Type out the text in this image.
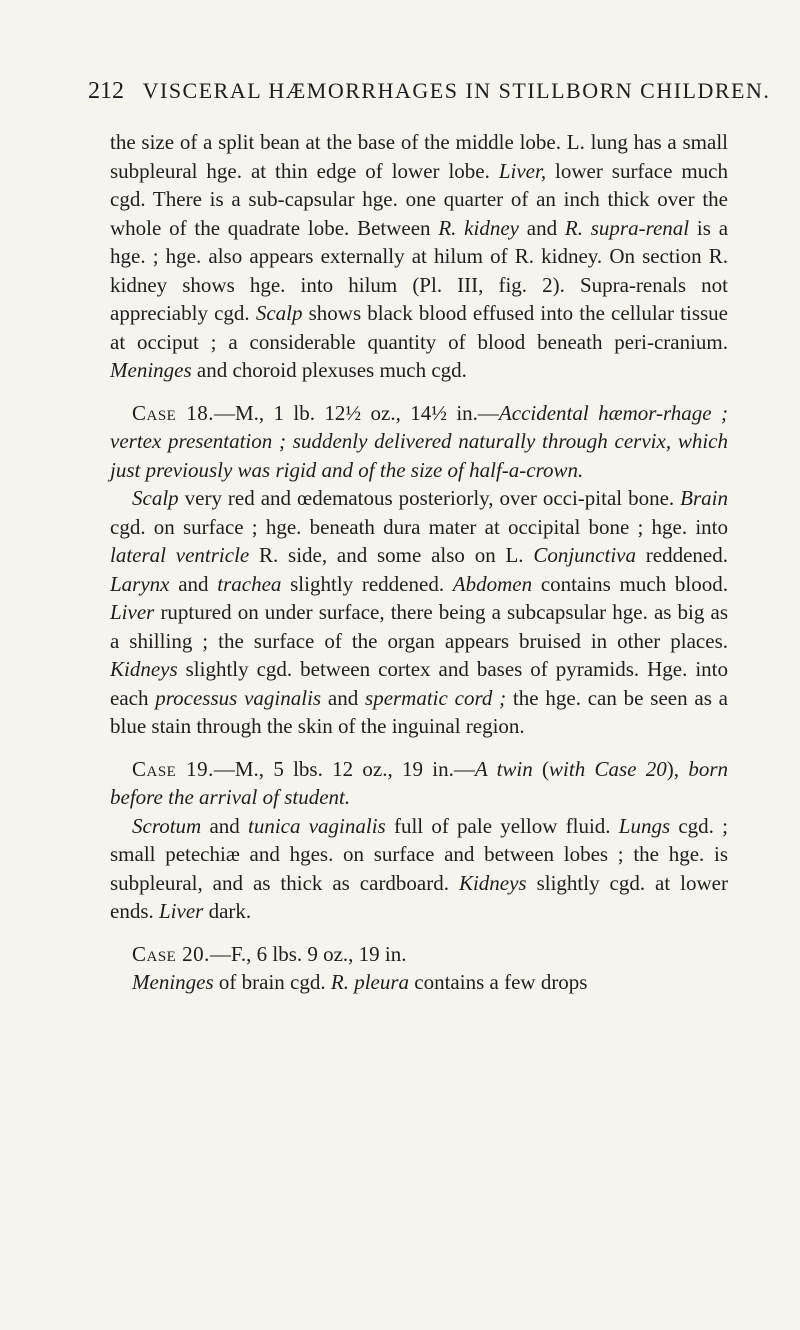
212 VISCERAL HÆMORRHAGES IN STILLBORN CHILDREN.

the size of a split bean at the base of the middle lobe. L. lung has a small subpleural hge. at thin edge of lower lobe. Liver, lower surface much cgd. There is a sub-capsular hge. one quarter of an inch thick over the whole of the quadrate lobe. Between R. kidney and R. supra-renal is a hge. ; hge. also appears externally at hilum of R. kidney. On section R. kidney shows hge. into hilum (Pl. III, fig. 2). Supra-renals not appreciably cgd. Scalp shows black blood effused into the cellular tissue at occiput ; a considerable quantity of blood beneath peri-cranium. Meninges and choroid plexuses much cgd.

Case 18.—M., 1 lb. 12½ oz., 14½ in.—Accidental hæmor-rhage ; vertex presentation ; suddenly delivered naturally through cervix, which just previously was rigid and of the size of half-a-crown.

Scalp very red and œdematous posteriorly, over occi-pital bone. Brain cgd. on surface ; hge. beneath dura mater at occipital bone ; hge. into lateral ventricle R. side, and some also on L. Conjunctiva reddened. Larynx and trachea slightly reddened. Abdomen contains much blood. Liver ruptured on under surface, there being a subcapsular hge. as big as a shilling ; the surface of the organ appears bruised in other places. Kidneys slightly cgd. between cortex and bases of pyramids. Hge. into each processus vaginalis and spermatic cord ; the hge. can be seen as a blue stain through the skin of the inguinal region.

Case 19.—M., 5 lbs. 12 oz., 19 in.—A twin (with Case 20), born before the arrival of student.

Scrotum and tunica vaginalis full of pale yellow fluid. Lungs cgd. ; small petechiæ and hges. on surface and between lobes ; the hge. is subpleural, and as thick as cardboard. Kidneys slightly cgd. at lower ends. Liver dark.

Case 20.—F., 6 lbs. 9 oz., 19 in.

Meninges of brain cgd. R. pleura contains a few drops
